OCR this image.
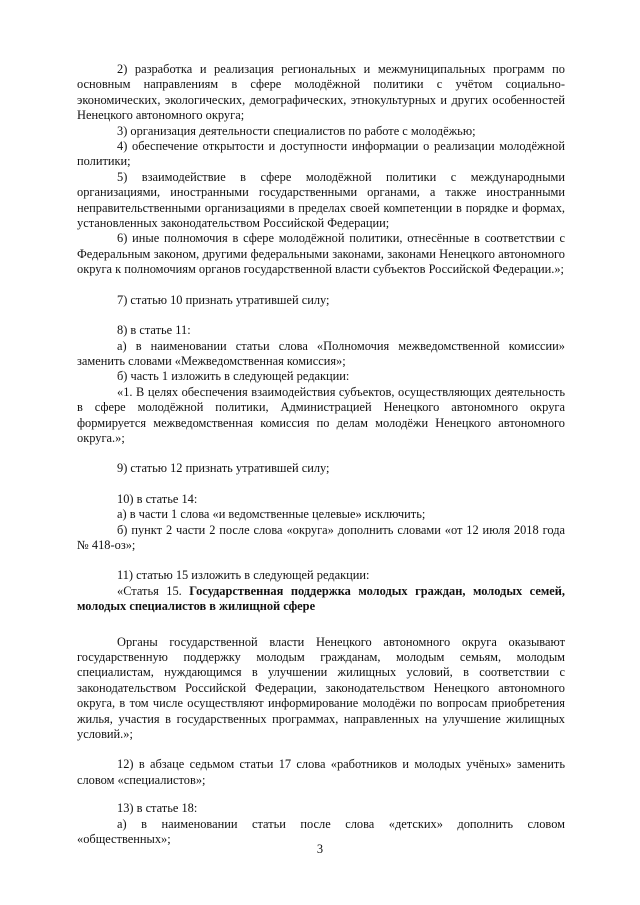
2) разработка и реализация региональных и межмуниципальных программ по основным направлениям в сфере молодёжной политики с учётом социально-экономических, экологических, демографических, этнокультурных и других особенностей Ненецкого автономного округа;

3) организация деятельности специалистов по работе с молодёжью;

4) обеспечение открытости и доступности информации о реализации молодёжной политики;

5) взаимодействие в сфере молодёжной политики с международными организациями, иностранными государственными органами, а также иностранными неправительственными организациями в пределах своей компетенции в порядке и формах, установленных законодательством Российской Федерации;

6) иные полномочия в сфере молодёжной политики, отнесённые в соответствии с Федеральным законом, другими федеральными законами, законами Ненецкого автономного округа к полномочиям органов государственной власти субъектов Российской Федерации.»;

7) статью 10 признать утратившей силу;

8) в статье 11:

а) в наименовании статьи слова «Полномочия межведомственной комиссии» заменить словами «Межведомственная комиссия»;

б) часть 1 изложить в следующей редакции:

«1. В целях обеспечения взаимодействия субъектов, осуществляющих деятельность в сфере молодёжной политики, Администрацией Ненецкого автономного округа формируется межведомственная комиссия по делам молодёжи Ненецкого автономного округа.»;

9) статью 12 признать утратившей силу;

10) в статье 14:

а) в части 1 слова «и ведомственные целевые» исключить;

б) пункт 2 части 2 после слова «округа» дополнить словами «от 12 июля 2018 года № 418-оз»;

11) статью 15 изложить в следующей редакции:

«Статья 15. Государственная поддержка молодых граждан, молодых семей, молодых специалистов в жилищной сфере

Органы государственной власти Ненецкого автономного округа оказывают государственную поддержку молодым гражданам, молодым семьям, молодым специалистам, нуждающимся в улучшении жилищных условий, в соответствии с законодательством Российской Федерации, законодательством Ненецкого автономного округа, в том числе осуществляют информирование молодёжи по вопросам приобретения жилья, участия в государственных программах, направленных на улучшение жилищных условий.»;

12) в абзаце седьмом статьи 17 слова «работников и молодых учёных» заменить словом «специалистов»;

13) в статье 18:

а) в наименовании статьи после слова «детских» дополнить словом «общественных»;

3
